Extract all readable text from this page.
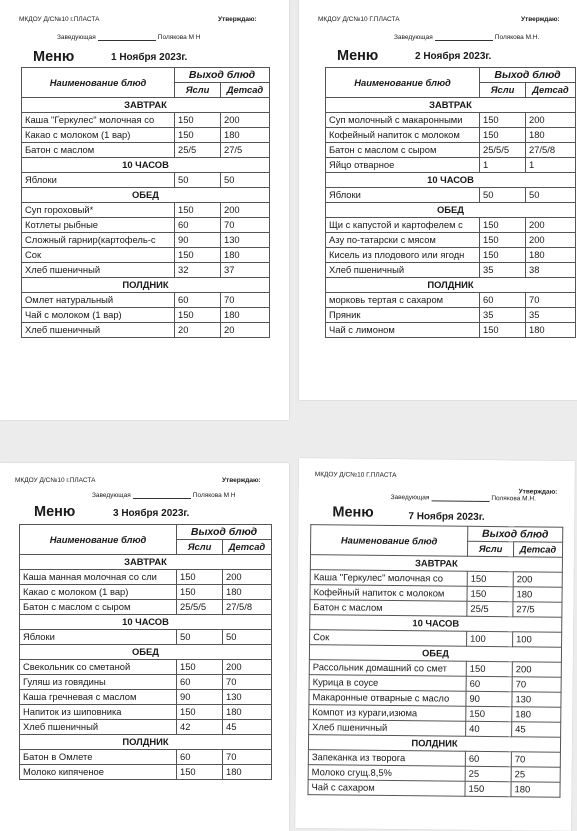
МКДОУ Д/С№10 г.ПЛАСТА	Утверждаю:
Заведующая	Полякова М Н
Меню	1 Ноября 2023г.
Наименование блюд	Выход блюд	
	Ясли	Детсад
ЗАВТРАК		
Каша "Геркулес" молочная со	150	200
Какао с молоком (1 вар)	150	180
Батон с маслом	25/5	27/5
10 ЧАСОВ		
Яблоки	50	50
ОБЕД		
Суп гороховый*	150	200
Котлеты рыбные	60	70
Сложный гарнир(картофель-с	90	130
Сок	150	180
Хлеб пшеничный	32	37
ПОЛДНИК		
Омлет натуральный	60	70
Чай с молоком (1 вар)	150	180
Хлеб пшеничный	20	20
МКДОУ Д/С№10 Г.ПЛАСТА	Утверждаю:
Заведующая	Полякова М.Н.
Меню	2 Ноября 2023г.
Наименование блюд	Выход блюд	
	Ясли	Детсад
ЗАВТРАК		
Суп молочный с макаронными	150	200
Кофейный напиток с молоком	150	180
Батон с маслом с сыром	25/5/5	27/5/8
Яйцо отварное	1	1
10 ЧАСОВ		
Яблоки	50	50
ОБЕД		
Щи с капустой и картофелем с	150	200
Азу по-татарски с мясом	150	200
Кисель из плодового или ягодн	150	180
Хлеб пшеничный	35	38
ПОЛДНИК		
морковь тертая с сахаром	60	70
Пряник	35	35
Чай с лимоном	150	180
МКДОУ Д/С№10 г.ПЛАСТА	Утверждаю:
Заведующая	Полякова М Н
Меню	3 Ноября 2023г.
Наименование блюд	Выход блюд	
	Ясли	Детсад
ЗАВТРАК		
Каша манная молочная со сли	150	200
Какао с молоком (1 вар)	150	180
Батон с маслом с сыром	25/5/5	27/5/8
10 ЧАСОВ		
Яблоки	50	50
ОБЕД		
Свекольник со сметаной	150	200
Гуляш из говядины	60	70
Каша гречневая с маслом	90	130
Напиток из шиповника	150	180
Хлеб пшеничный	42	45
ПОЛДНИК		
Батон в Омлете	60	70
Молоко кипяченое	150	180
МКДОУ Д/С№10 Г.ПЛАСТА
Утверждаю:
Заведующая	Полякова М.Н.
Меню	7 Ноября 2023г.
Наименование блюд	Выход блюд	
	Ясли	Детсад
ЗАВТРАК		
Каша "Геркулес" молочная со	150	200
Кофейный напиток с молоком	150	180
Батон с маслом	25/5	27/5
10 ЧАСОВ		
Сок	100	100
ОБЕД		
Рассольник домашний со смет	150	200
Курица в соусе	60	70
Макаронные отварные с масло	90	130
Компот из кураги,изюма	150	180
Хлеб пшеничный	40	45
ПОЛДНИК		
Запеканка из творога	60	70
Молоко сгущ.8,5%	25	25
Чай с сахаром	150	180
